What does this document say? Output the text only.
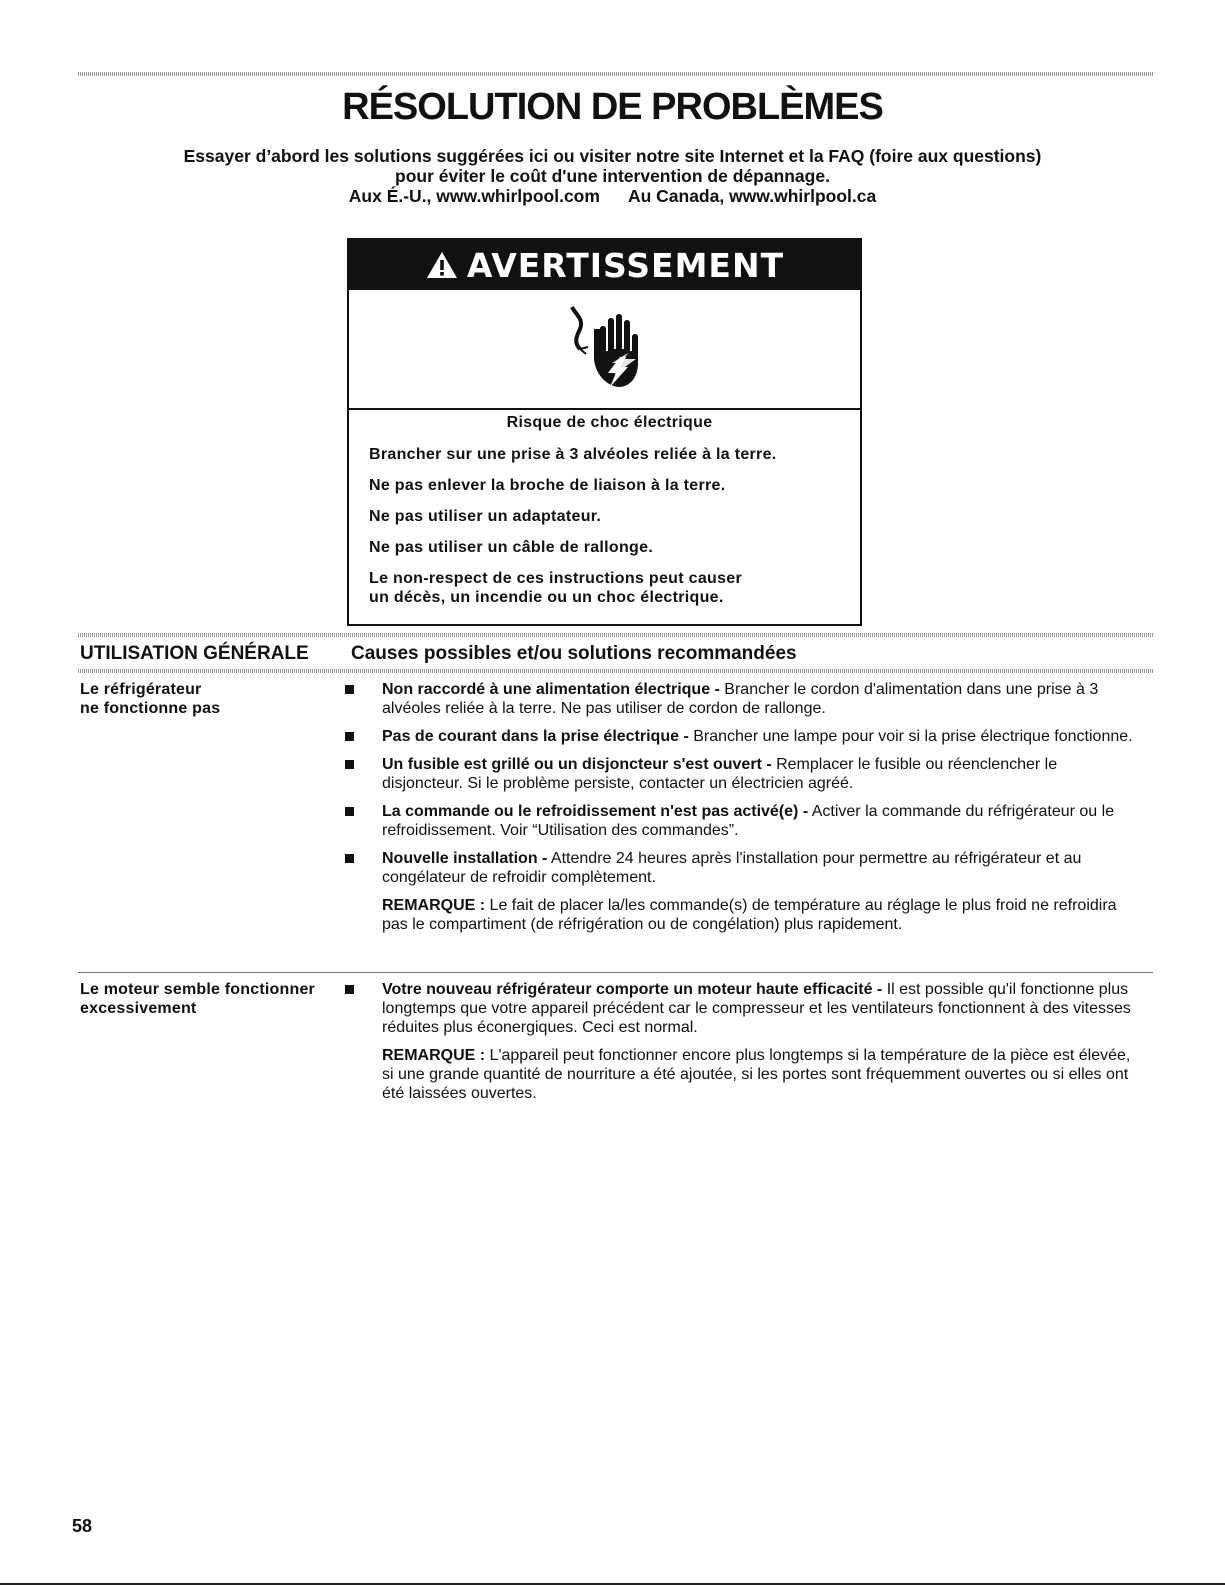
RÉSOLUTION DE PROBLÈMES
Essayer d’abord les solutions suggérées ici ou visiter notre site Internet et la FAQ (foire aux questions)
pour éviter le coût d'une intervention de dépannage.
Aux É.-U., www.whirlpool.com Au Canada, www.whirlpool.ca
AVERTISSEMENT
Risque de choc électrique

Brancher sur une prise à 3 alvéoles reliée à la terre.

Ne pas enlever la broche de liaison à la terre.

Ne pas utiliser un adaptateur.

Ne pas utiliser un câble de rallonge.

Le non-respect de ces instructions peut causer
un décès, un incendie ou un choc électrique.

UTILISATION GÉNÉRALE Causes possibles et/ou solutions recommandées
Le réfrigérateur
ne fonctionne pas
Non raccordé à une alimentation électrique - Brancher le cordon d'alimentation dans une prise à 3 alvéoles reliée à la terre. Ne pas utiliser de cordon de rallonge.
Pas de courant dans la prise électrique - Brancher une lampe pour voir si la prise électrique fonctionne.
Un fusible est grillé ou un disjoncteur s'est ouvert - Remplacer le fusible ou réenclencher le disjoncteur. Si le problème persiste, contacter un électricien agréé.
La commande ou le refroidissement n'est pas activé(e) - Activer la commande du réfrigérateur ou le refroidissement. Voir “Utilisation des commandes”.
Nouvelle installation - Attendre 24 heures après l'installation pour permettre au réfrigérateur et au congélateur de refroidir complètement.
REMARQUE : Le fait de placer la/les commande(s) de température au réglage le plus froid ne refroidira pas le compartiment (de réfrigération ou de congélation) plus rapidement.
Le moteur semble fonctionner
excessivement
Votre nouveau réfrigérateur comporte un moteur haute efficacité - Il est possible qu'il fonctionne plus longtemps que votre appareil précédent car le compresseur et les ventilateurs fonctionnent à des vitesses réduites plus éconergiques. Ceci est normal.
REMARQUE : L'appareil peut fonctionner encore plus longtemps si la température de la pièce est élevée, si une grande quantité de nourriture a été ajoutée, si les portes sont fréquemment ouvertes ou si elles ont été laissées ouvertes.
58
